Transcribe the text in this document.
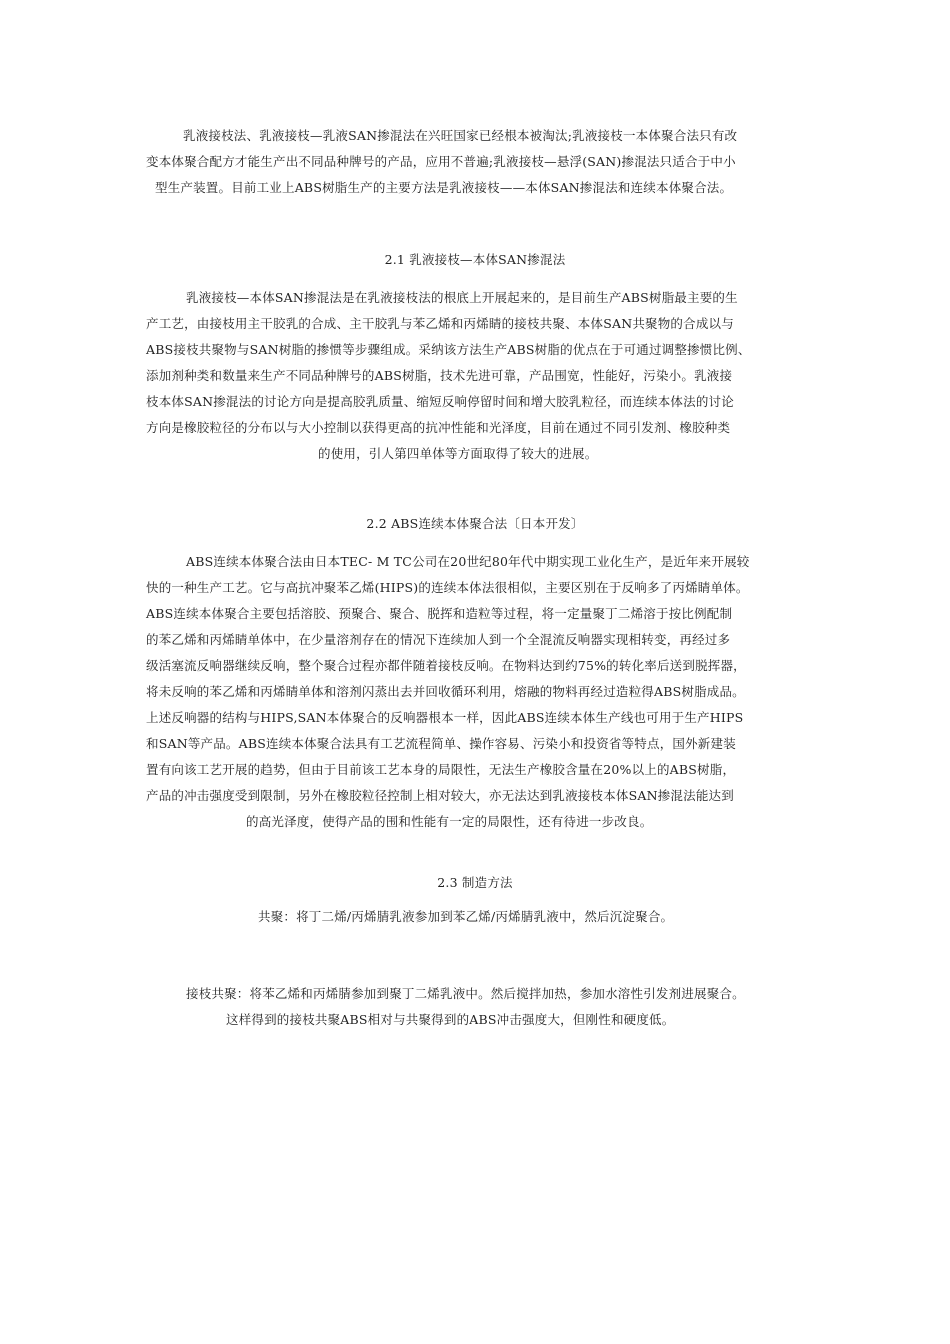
乳液接枝法、乳液接枝—乳液SAN掺混法在兴旺国家已经根本被淘汰;乳液接枝一本体聚合法只有改
变本体聚合配方才能生产出不同品种牌号的产品，应用不普遍;乳液接枝—悬浮(SAN)掺混法只适合于中小
型生产装置。目前工业上ABS树脂生产的主要方法是乳液接枝——本体SAN掺混法和连续本体聚合法。
2.1 乳液接枝—本体SAN掺混法
乳液接枝—本体SAN掺混法是在乳液接枝法的根底上开展起来的，是目前生产ABS树脂最主要的生
产工艺，由接枝用主干胶乳的合成、主干胶乳与苯乙烯和丙烯睛的接枝共聚、本体SAN共聚物的合成以与
ABS接枝共聚物与SAN树脂的掺惯等步骤组成。采纳该方法生产ABS树脂的优点在于可通过调整掺惯比例、
添加剂种类和数量来生产不同品种牌号的ABS树脂，技术先进可靠，产品围宽，性能好，污染小。乳液接
枝本体SAN掺混法的讨论方向是提高胶乳质量、缩短反响停留时间和增大胶乳粒径，而连续本体法的讨论
方向是橡胶粒径的分布以与大小控制以获得更高的抗冲性能和光泽度，目前在通过不同引发剂、橡胶种类
的使用，引人第四单体等方面取得了较大的进展。
2.2 ABS连续本体聚合法〔日本开发〕
ABS连续本体聚合法由日本TEC- M TC公司在20世纪80年代中期实现工业化生产，是近年来开展较
快的一种生产工艺。它与高抗冲聚苯乙烯(HIPS)的连续本体法很相似，主要区别在于反响多了丙烯睛单体。
ABS连续本体聚合主要包括溶胶、预聚合、聚合、脱挥和造粒等过程，将一定量聚丁二烯溶于按比例配制
的苯乙烯和丙烯睛单体中，在少量溶剂存在的情况下连续加人到一个全混流反响器实现相转变，再经过多
级活塞流反响器继续反响，整个聚合过程亦都伴随着接枝反响。在物料达到约75%的转化率后送到脱挥器，
将未反响的苯乙烯和丙烯睛单体和溶剂闪蒸出去并回收循环利用，熔融的物料再经过造粒得ABS树脂成品。
上述反响器的结构与HIPS,SAN本体聚合的反响器根本一样，因此ABS连续本体生产线也可用于生产HIPS
和SAN等产品。ABS连续本体聚合法具有工艺流程简单、操作容易、污染小和投资省等特点，国外新建装
置有向该工艺开展的趋势，但由于目前该工艺本身的局限性，无法生产橡胶含量在20%以上的ABS树脂，
产品的冲击强度受到限制，另外在橡胶粒径控制上相对较大，亦无法达到乳液接枝本体SAN掺混法能达到
的高光泽度，使得产品的围和性能有一定的局限性，还有待进一步改良。
2.3 制造方法
共聚：将丁二烯/丙烯腈乳液参加到苯乙烯/丙烯腈乳液中，然后沉淀聚合。
接枝共聚：将苯乙烯和丙烯腈参加到聚丁二烯乳液中。然后搅拌加热，参加水溶性引发剂进展聚合。
这样得到的接枝共聚ABS相对与共聚得到的ABS冲击强度大，但刚性和硬度低。
